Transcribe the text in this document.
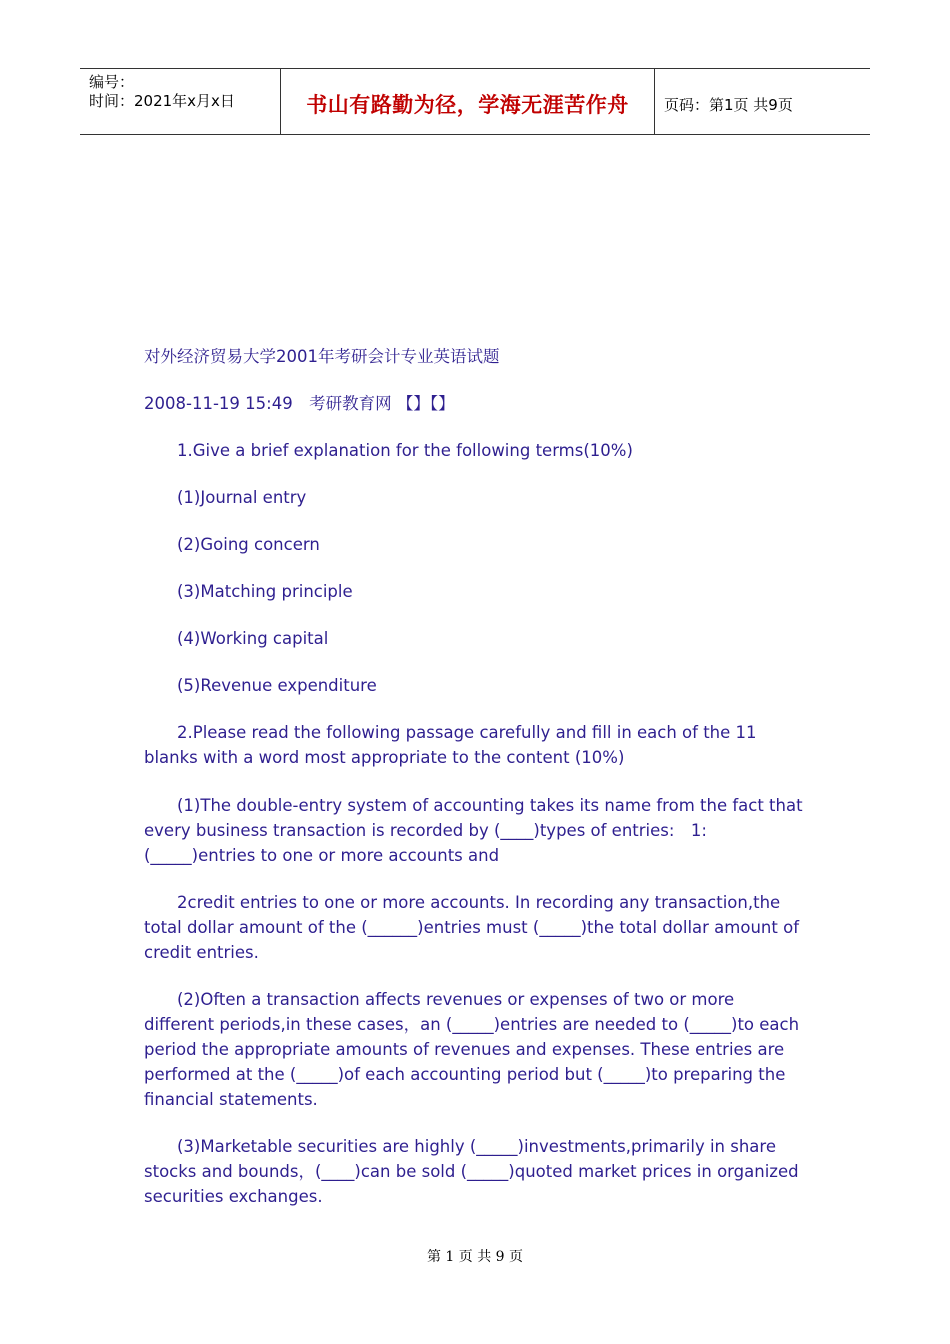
编号：
时间：2021年x月x日	书山有路勤为径，学海无涯苦作舟	页码：第1页 共9页

对外经济贸易大学2001年考研会计专业英语试题

2008-11-19 15:49　考研教育网 【】【】

1.Give a brief explanation for the following terms(10%)

(1)Journal entry

(2)Going concern

(3)Matching principle

(4)Working capital

(5)Revenue expenditure

2.Please read the following passage carefully and fill in each of the 11 blanks with a word most appropriate to the content (10%)

(1)The double-entry system of accounting takes its name from the fact that every business transaction is recorded by (____)types of entries:　1:(_____)entries to one or more accounts and

2credit entries to one or more accounts. In recording any transaction,the total dollar amount of the (______)entries must (_____)the total dollar amount of credit entries.

(2)Often a transaction affects revenues or expenses of two or more different periods,in these cases，an (_____)entries are needed to (_____)to each period the appropriate amounts of revenues and expenses. These entries are performed at the (_____)of each accounting period but (_____)to preparing the financial statements.

(3)Marketable securities are highly (_____)investments,primarily in share stocks and bounds，(____)can be sold (_____)quoted market prices in organized securities exchanges.

第 1 页 共 9 页
